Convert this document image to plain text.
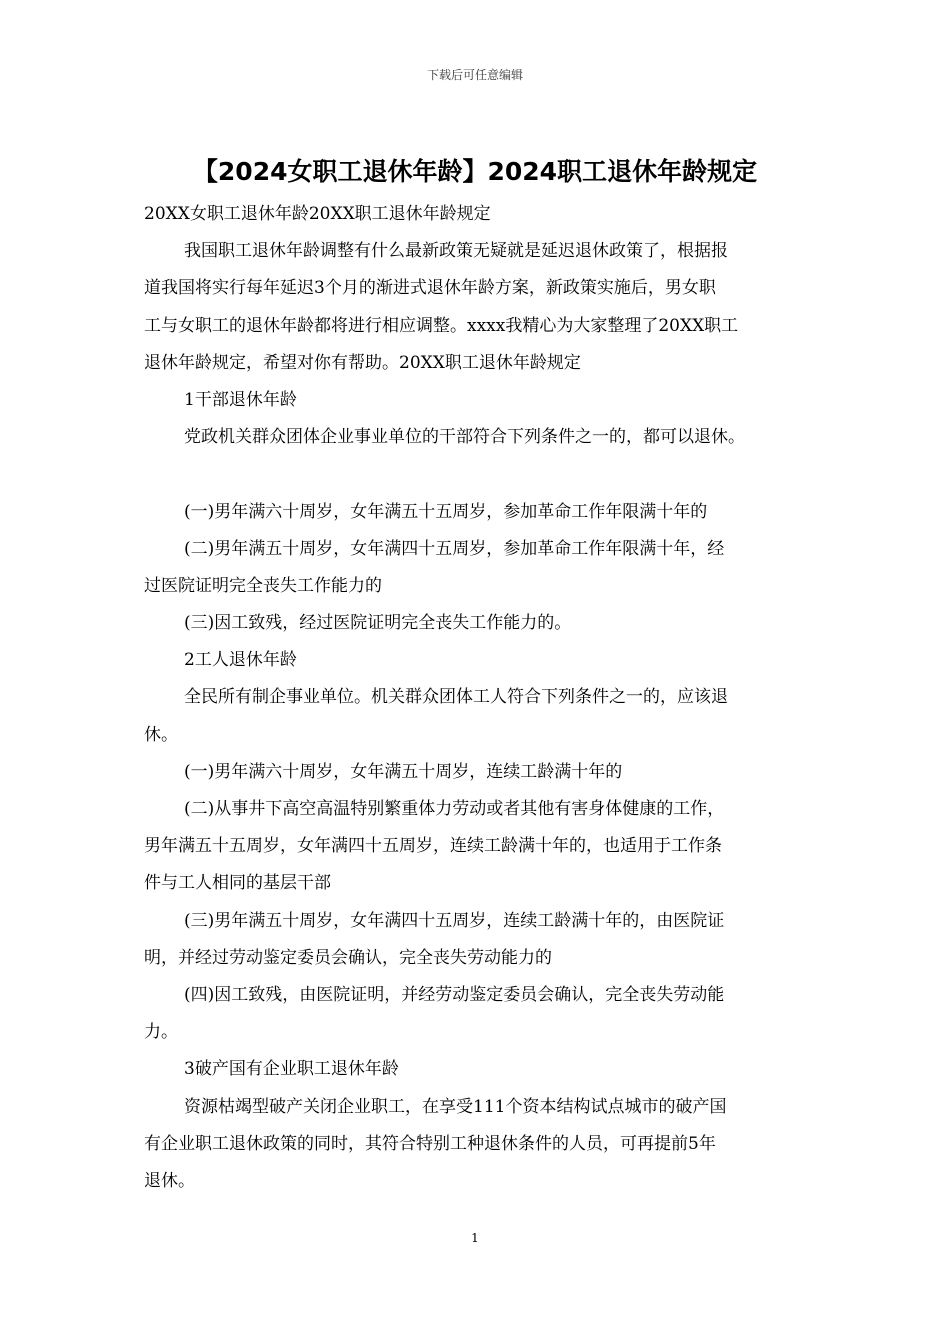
下载后可任意编辑
【2024女职工退休年龄】2024职工退休年龄规定
20XX女职工退休年龄20XX职工退休年龄规定
我国职工退休年龄调整有什么最新政策无疑就是延迟退休政策了，根据报
道我国将实行每年延迟3个月的渐进式退休年龄方案，新政策实施后，男女职
工与女职工的退休年龄都将进行相应调整。xxxx我精心为大家整理了20XX职工
退休年龄规定，希望对你有帮助。20XX职工退休年龄规定
1干部退休年龄
党政机关群众团体企业事业单位的干部符合下列条件之一的，都可以退休。
(一)男年满六十周岁，女年满五十五周岁，参加革命工作年限满十年的
(二)男年满五十周岁，女年满四十五周岁，参加革命工作年限满十年，经
过医院证明完全丧失工作能力的
(三)因工致残，经过医院证明完全丧失工作能力的。
2工人退休年龄
全民所有制企事业单位。机关群众团体工人符合下列条件之一的，应该退
休。
(一)男年满六十周岁，女年满五十周岁，连续工龄满十年的
(二)从事井下高空高温特别繁重体力劳动或者其他有害身体健康的工作，
男年满五十五周岁，女年满四十五周岁，连续工龄满十年的，也适用于工作条
件与工人相同的基层干部
(三)男年满五十周岁，女年满四十五周岁，连续工龄满十年的，由医院证
明，并经过劳动鉴定委员会确认，完全丧失劳动能力的
(四)因工致残，由医院证明，并经劳动鉴定委员会确认，完全丧失劳动能
力。
3破产国有企业职工退休年龄
资源枯竭型破产关闭企业职工，在享受111个资本结构试点城市的破产国
有企业职工退休政策的同时，其符合特别工种退休条件的人员，可再提前5年
退休。
1
